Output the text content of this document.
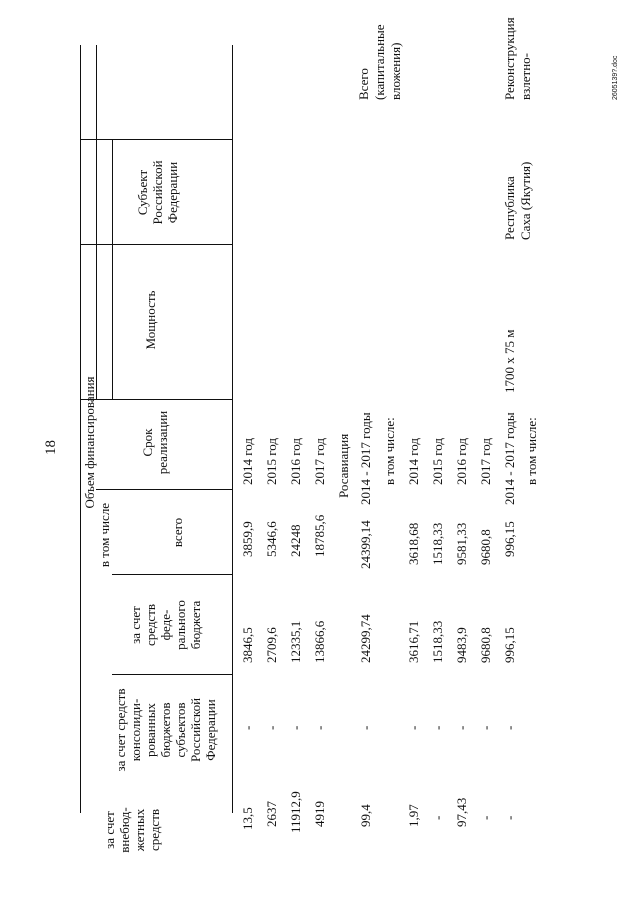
18
Субъект Российской Федерации
Мощность
Срок реализации
Объем финансирования
в том числе	всего
за счет средств феде- рального бюджета
за счет средств консолиди- рованных бюджетов субъектов Российской Федерации
за счет внебюд- жетных средств
2014 год
3859,9
3846,5
-
13,5
2015 год
5346,6
2709,6
-
2637
2016 год
24248
12335,1
-
11912,9
2017 год
18785,6
13866,6
-
4919
Росавиация
Всего (капитальные вложения)
2014 - 2017 годы
24399,14
24299,74
-
99,4
в том числе: 2014 год
3618,68
3616,71
-
1,97
2015 год
1518,33
1518,33
-
-
2016 год
9581,33
9483,9
-
97,43
2017 год
9680,8
9680,8
-
-
Реконструкция взлетно-
Республика Саха (Якутия)
1700 х 75 м
2014 - 2017 годы
996,15
996,15
-
-
в том числе:
2605139?.doc
